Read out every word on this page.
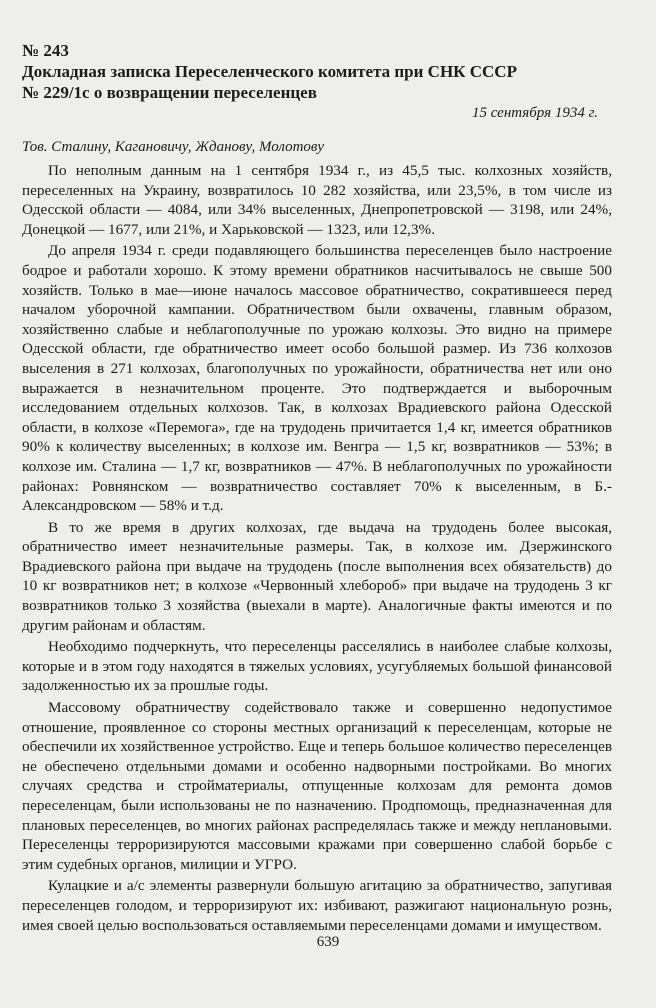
№ 243

Докладная записка Переселенческого комитета при СНК СССР

№ 229/1с о возвращении переселенцев

15 сентября 1934 г.

Тов. Сталину, Кагановичу, Жданову, Молотову

По неполным данным на 1 сентября 1934 г., из 45,5 тыс. колхозных хозяйств, переселенных на Украину, возвратилось 10 282 хозяйства, или 23,5%, в том числе из Одесской области — 4084, или 34% выселенных, Днепропетровской — 3198, или 24%, Донецкой — 1677, или 21%, и Харьковской — 1323, или 12,3%.

До апреля 1934 г. среди подавляющего большинства переселенцев было настроение бодрое и работали хорошо. К этому времени обратников насчитывалось не свыше 500 хозяйств. Только в мае—июне началось массовое обратничество, сократившееся перед началом уборочной кампании. Обратничеством были охвачены, главным образом, хозяйственно слабые и неблагополучные по урожаю колхозы. Это видно на примере Одесской области, где обратничество имеет особо большой размер. Из 736 колхозов выселения в 271 колхозах, благополучных по урожайности, обратничества нет или оно выражается в незначительном проценте. Это подтверждается и выборочным исследованием отдельных колхозов. Так, в колхозах Врадиевского района Одесской области, в колхозе «Перемога», где на трудодень причитается 1,4 кг, имеется обратников 90% к количеству выселенных; в колхозе им. Венгра — 1,5 кг, возвратников — 53%; в колхозе им. Сталина — 1,7 кг, возвратников — 47%. В неблагополучных по урожайности районах: Ровнянском — возвратничество составляет 70% к выселенным, в Б.-Александровском — 58% и т.д.

В то же время в других колхозах, где выдача на трудодень более высокая, обратничество имеет незначительные размеры. Так, в колхозе им. Дзержинского Врадиевского района при выдаче на трудодень (после выполнения всех обязательств) до 10 кг возвратников нет; в колхозе «Червонный хлебороб» при выдаче на трудодень 3 кг возвратников только 3 хозяйства (выехали в марте). Аналогичные факты имеются и по другим районам и областям.

Необходимо подчеркнуть, что переселенцы расселялись в наиболее слабые колхозы, которые и в этом году находятся в тяжелых условиях, усугубляемых большой финансовой задолженностью их за прошлые годы.

Массовому обратничеству содействовало также и совершенно недопустимое отношение, проявленное со стороны местных организаций к переселенцам, которые не обеспечили их хозяйственное устройство. Еще и теперь большое количество переселенцев не обеспечено отдельными домами и особенно надворными постройками. Во многих случаях средства и стройматериалы, отпущенные колхозам для ремонта домов переселенцам, были использованы не по назначению. Продпомощь, предназначенная для плановых переселенцев, во многих районах распределялась также и между неплановыми. Переселенцы терроризируются массовыми кражами при совершенно слабой борьбе с этим судебных органов, милиции и УГРО.

Кулацкие и а/с элементы развернули большую агитацию за обратничество, запугивая переселенцев голодом, и терроризируют их: избивают, разжигают национальную рознь, имея своей целью воспользоваться оставляемыми переселенцами домами и имуществом.

639
